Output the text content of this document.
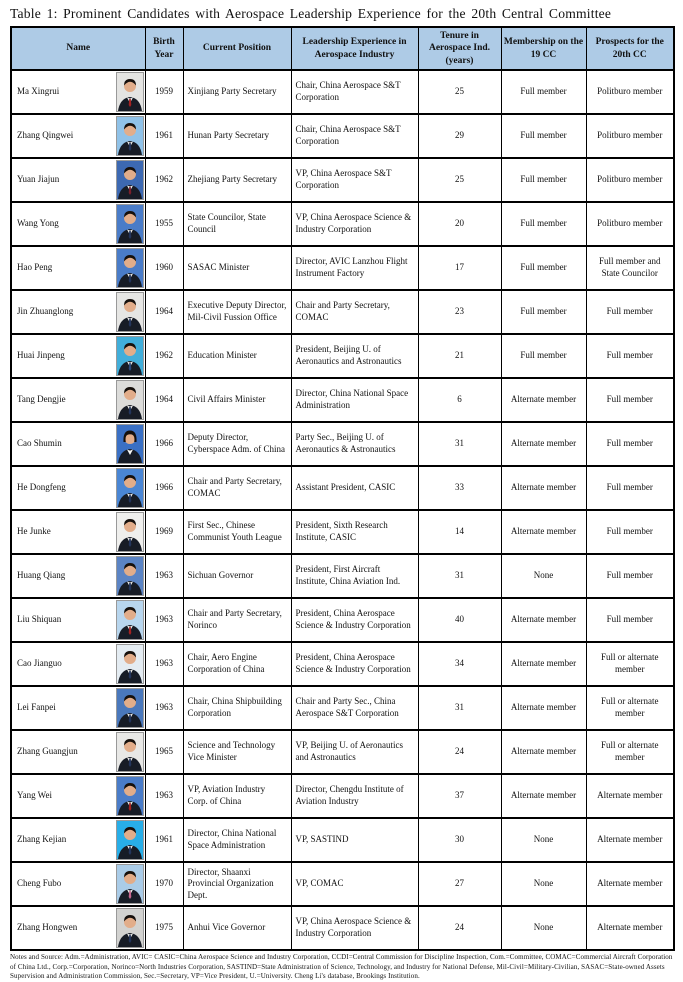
Table 1: Prominent Candidates with Aerospace Leadership Experience for the 20th Central Committee
Name	Birth Year	Current Position	Leadership Experience in Aerospace Industry	Tenure in Aerospace Ind. (years)	Membership on the 19 CC	Prospects for the 20th CC

Ma Xingrui	1959	Xinjiang Party Secretary	Chair, China Aerospace S&T Corporation	25	Full member	Politburo member

Zhang Qingwei	1961	Hunan Party Secretary	Chair, China Aerospace S&T Corporation	29	Full member	Politburo member

Yuan Jiajun	1962	Zhejiang Party Secretary	VP, China Aerospace S&T Corporation	25	Full member	Politburo member

Wang Yong	1955	State Councilor, State Council	VP, China Aerospace Science & Industry Corporation	20	Full member	Politburo member

Hao Peng	1960	SASAC Minister	Director, AVIC Lanzhou Flight Instrument Factory	17	Full member	Full member and State Councilor

Jin Zhuanglong	1964	Executive Deputy Director, Mil-Civil Fussion Office	Chair and Party Secretary, COMAC	23	Full member	Full member

Huai Jinpeng	1962	Education Minister	President, Beijing U. of Aeronautics and Astronautics	21	Full member	Full member

Tang Dengjie	1964	Civil Affairs Minister	Director, China National Space Administration	6	Alternate member	Full member

Cao Shumin	1966	Deputy Director, Cyberspace Adm. of China	Party Sec., Beijing U. of Aeronautics & Astronautics	31	Alternate member	Full member

He Dongfeng	1966	Chair and Party Secretary, COMAC	Assistant President, CASIC	33	Alternate member	Full member

He Junke	1969	First Sec., Chinese Communist Youth League	President, Sixth Research Institute, CASIC	14	Alternate member	Full member

Huang Qiang	1963	Sichuan Governor	President, First Aircraft Institute, China Aviation Ind.	31	None	Full member

Liu Shiquan	1963	Chair and Party Secretary, Norinco	President, China Aerospace Science & Industry Corporation	40	Alternate member	Full member

Cao Jianguo	1963	Chair, Aero Engine Corporation of China	President, China Aerospace Science & Industry Corporation	34	Alternate member	Full or alternate member

Lei Fanpei	1963	Chair, China Shipbuilding Corporation	Chair and Party Sec., China Aerospace S&T Corporation	31	Alternate member	Full or alternate member

Zhang Guangjun	1965	Science and Technology Vice Minister	VP, Beijing U. of Aeronautics and Astronautics	24	Alternate member	Full or alternate member

Yang Wei	1963	VP, Aviation Industry Corp. of China	Director, Chengdu Institute of Aviation Industry	37	Alternate member	Alternate member

Zhang Kejian	1961	Director, China National Space Administration	VP, SASTIND	30	None	Alternate member

Cheng Fubo	1970	Director, Shaanxi Provincial Organization Dept.	VP, COMAC	27	None	Alternate member

Zhang Hongwen	1975	Anhui Vice Governor	VP, China Aerospace Science & Industry Corporation	24	None	Alternate member
Notes and Source: Adm.=Administration, AVIC= CASIC=China Aerospace Science and Industry Corporation, CCDI=Central Commission for Discipline Inspection, Com.=Committee, COMAC=Commercial Aircraft Corporation of China Ltd., Corp.=Corporation, Norinco=North Industries Corporation, SASTIND=State Administration of Science, Technology, and Industry for National Defense, Mil-Civil=Military-Civilian, SASAC=State-owned Assets Supervision and Administration Commission, Sec.=Secretary, VP=Vice President, U.=University. Cheng Li's database, Brookings Institution.
